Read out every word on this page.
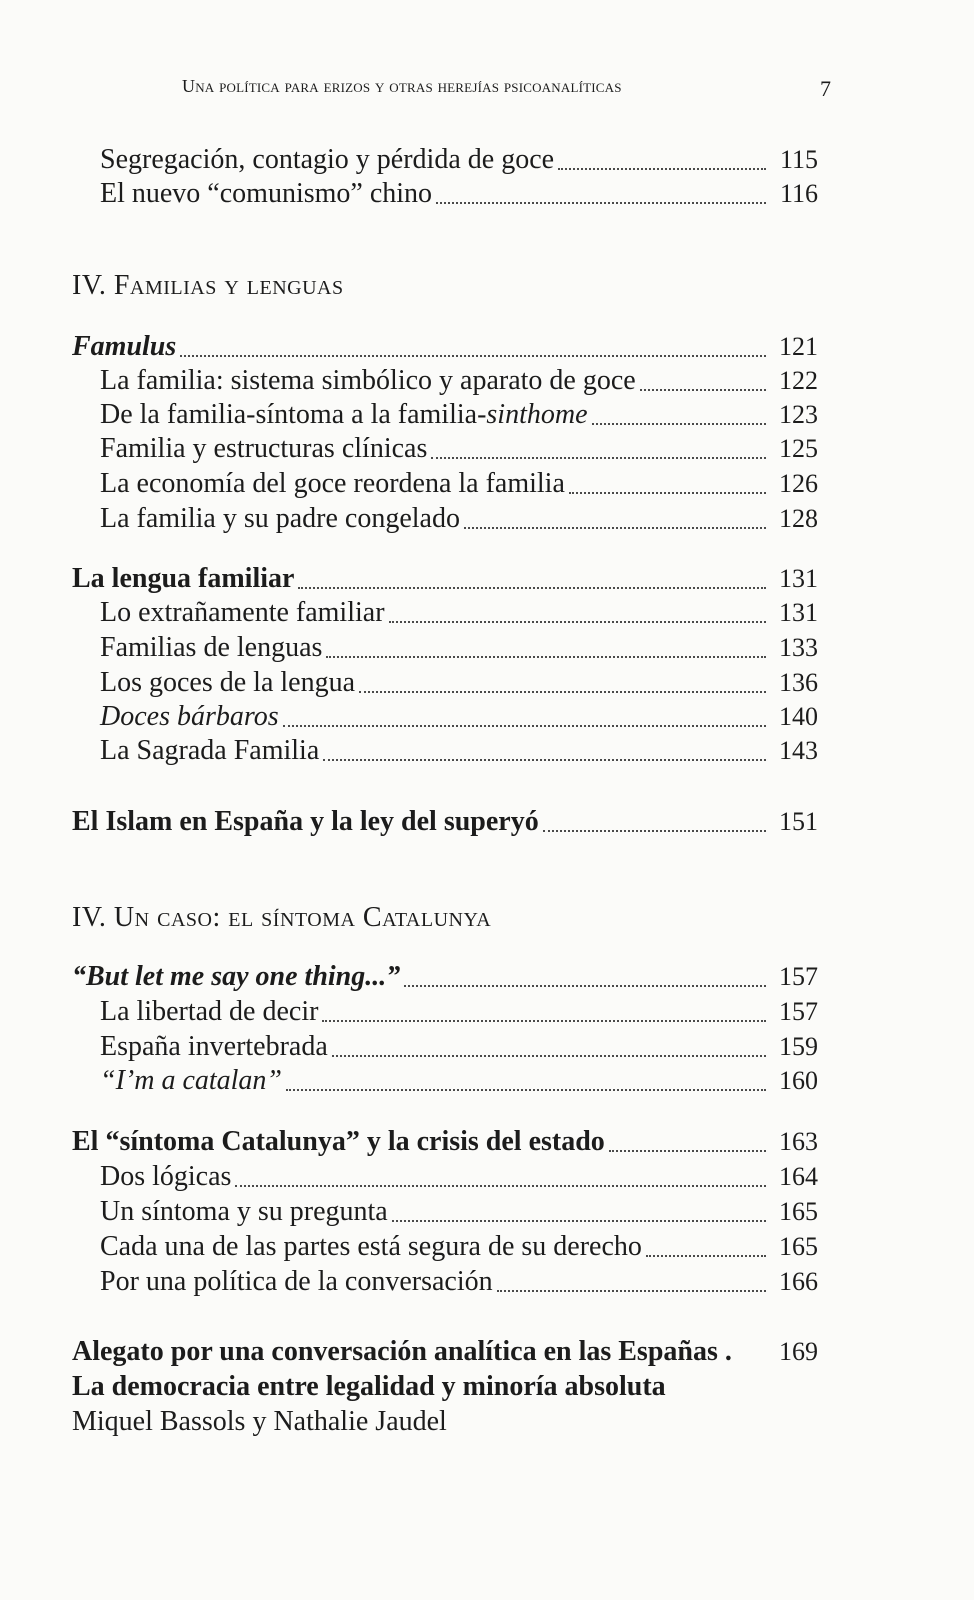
Una política para erizos y otras herejías psicoanalíticas	7
Segregación, contagio y pérdida de goce	115
El nuevo “comunismo” chino	116
IV. Familias y lenguas
Famulus	121
La familia: sistema simbólico y aparato de goce	122
De la familia-síntoma a la familia-sinthome	123
Familia y estructuras clínicas	125
La economía del goce reordena la familia	126
La familia y su padre congelado	128
La lengua familiar	131
Lo extrañamente familiar	131
Familias de lenguas	133
Los goces de la lengua	136
Doces bárbaros	140
La Sagrada Familia	143
El Islam en España y la ley del superyó	151
IV. Un caso: el síntoma Catalunya
“But let me say one thing...”	157
La libertad de decir	157
España invertebrada	159
“I’m a catalan”	160
El “síntoma Catalunya” y la crisis del estado	163
Dos lógicas	164
Un síntoma y su pregunta	165
Cada una de las partes está segura de su derecho	165
Por una política de la conversación	166
Alegato por una conversación analítica en las Españas . 169
La democracia entre legalidad y minoría absoluta
Miquel Bassols y Nathalie Jaudel
